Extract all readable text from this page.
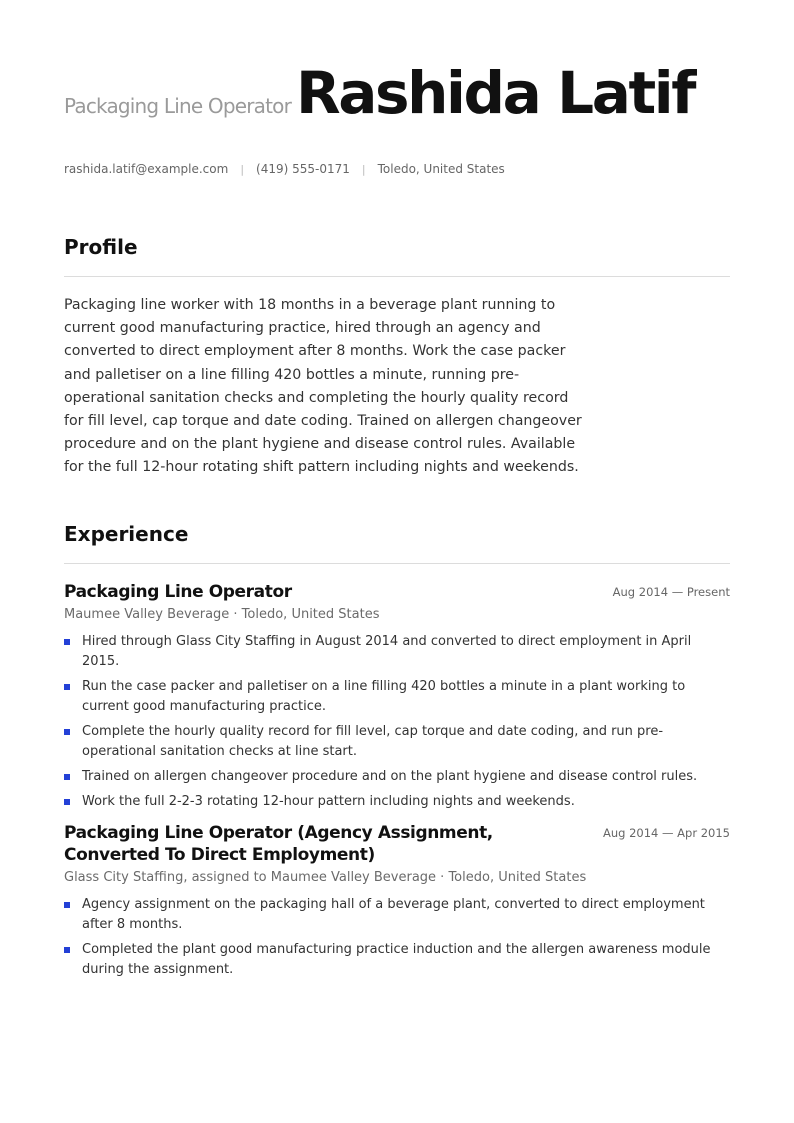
Packaging Line Operator Rashida Latif
rashida.latif@example.com | (419) 555-0171 | Toledo, United States
Profile
Packaging line worker with 18 months in a beverage plant running to current good manufacturing practice, hired through an agency and converted to direct employment after 8 months. Work the case packer and palletiser on a line filling 420 bottles a minute, running pre-operational sanitation checks and completing the hourly quality record for fill level, cap torque and date coding. Trained on allergen changeover procedure and on the plant hygiene and disease control rules. Available for the full 12-hour rotating shift pattern including nights and weekends.
Experience
Packaging Line Operator	Aug 2014 — Present
Maumee Valley Beverage · Toledo, United States
Hired through Glass City Staffing in August 2014 and converted to direct employment in April 2015.
Run the case packer and palletiser on a line filling 420 bottles a minute in a plant working to current good manufacturing practice.
Complete the hourly quality record for fill level, cap torque and date coding, and run pre-operational sanitation checks at line start.
Trained on allergen changeover procedure and on the plant hygiene and disease control rules.
Work the full 2-2-3 rotating 12-hour pattern including nights and weekends.
Packaging Line Operator (Agency Assignment, Converted To Direct Employment)
Aug 2014 — Apr 2015
Glass City Staffing, assigned to Maumee Valley Beverage · Toledo, United States
Agency assignment on the packaging hall of a beverage plant, converted to direct employment after 8 months.
Completed the plant good manufacturing practice induction and the allergen awareness module during the assignment.
